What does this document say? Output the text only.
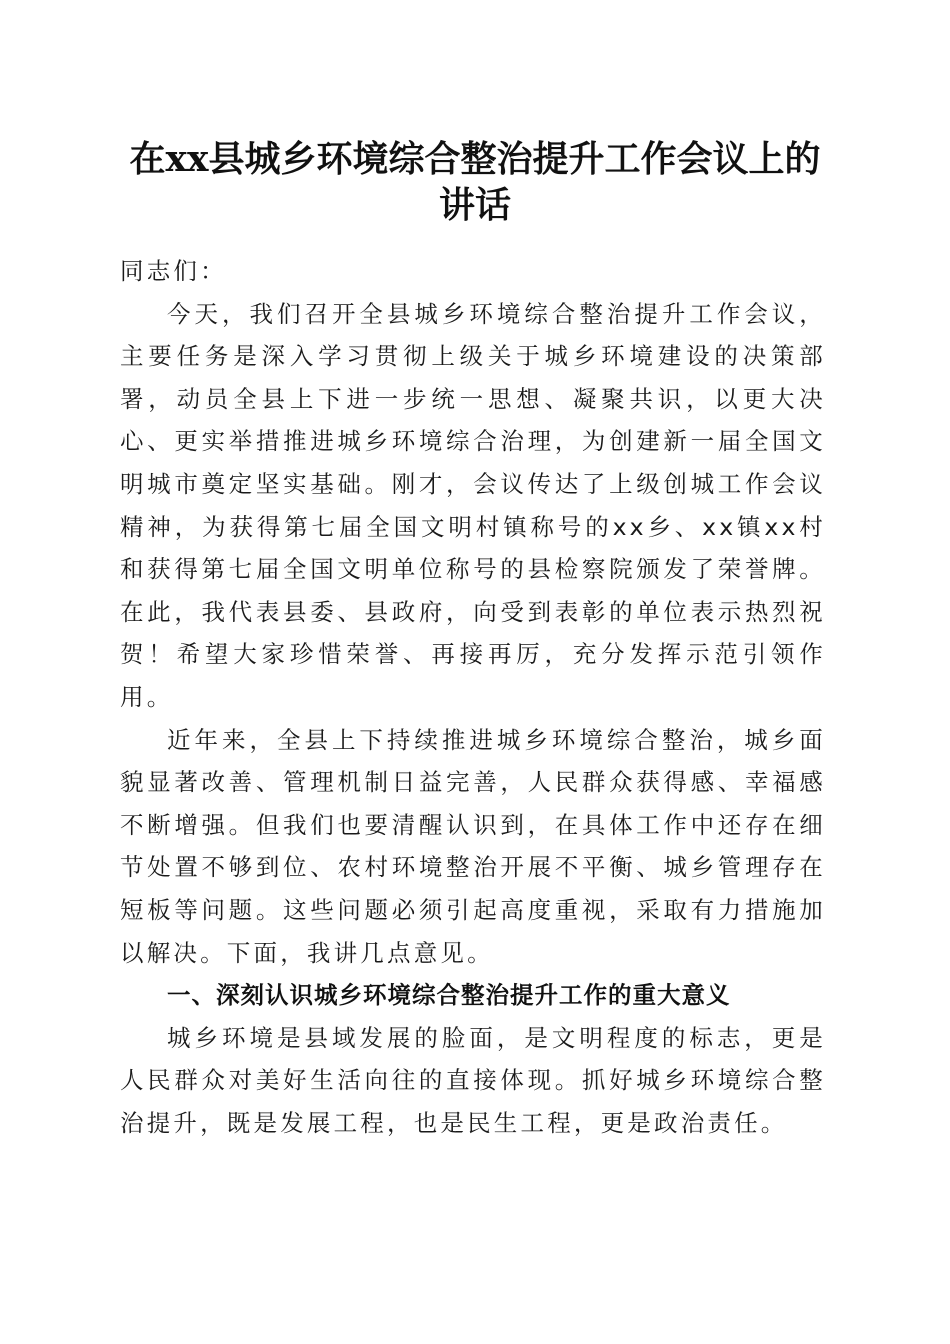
在xx县城乡环境综合整治提升工作会议上的
讲话

同志们：

今天，我们召开全县城乡环境综合整治提升工作会议，主要任务是深入学习贯彻上级关于城乡环境建设的决策部署，动员全县上下进一步统一思想、凝聚共识，以更大决心、更实举措推进城乡环境综合治理，为创建新一届全国文明城市奠定坚实基础。刚才，会议传达了上级创城工作会议精神，为获得第七届全国文明村镇称号的xx乡、xx镇xx村和获得第七届全国文明单位称号的县检察院颁发了荣誉牌。在此，我代表县委、县政府，向受到表彰的单位表示热烈祝贺！希望大家珍惜荣誉、再接再厉，充分发挥示范引领作用。

近年来，全县上下持续推进城乡环境综合整治，城乡面貌显著改善、管理机制日益完善，人民群众获得感、幸福感不断增强。但我们也要清醒认识到，在具体工作中还存在细节处置不够到位、农村环境整治开展不平衡、城乡管理存在短板等问题。这些问题必须引起高度重视，采取有力措施加以解决。下面，我讲几点意见。

一、深刻认识城乡环境综合整治提升工作的重大意义

城乡环境是县域发展的脸面，是文明程度的标志，更是人民群众对美好生活向往的直接体现。抓好城乡环境综合整治提升，既是发展工程，也是民生工程，更是政治责任。
